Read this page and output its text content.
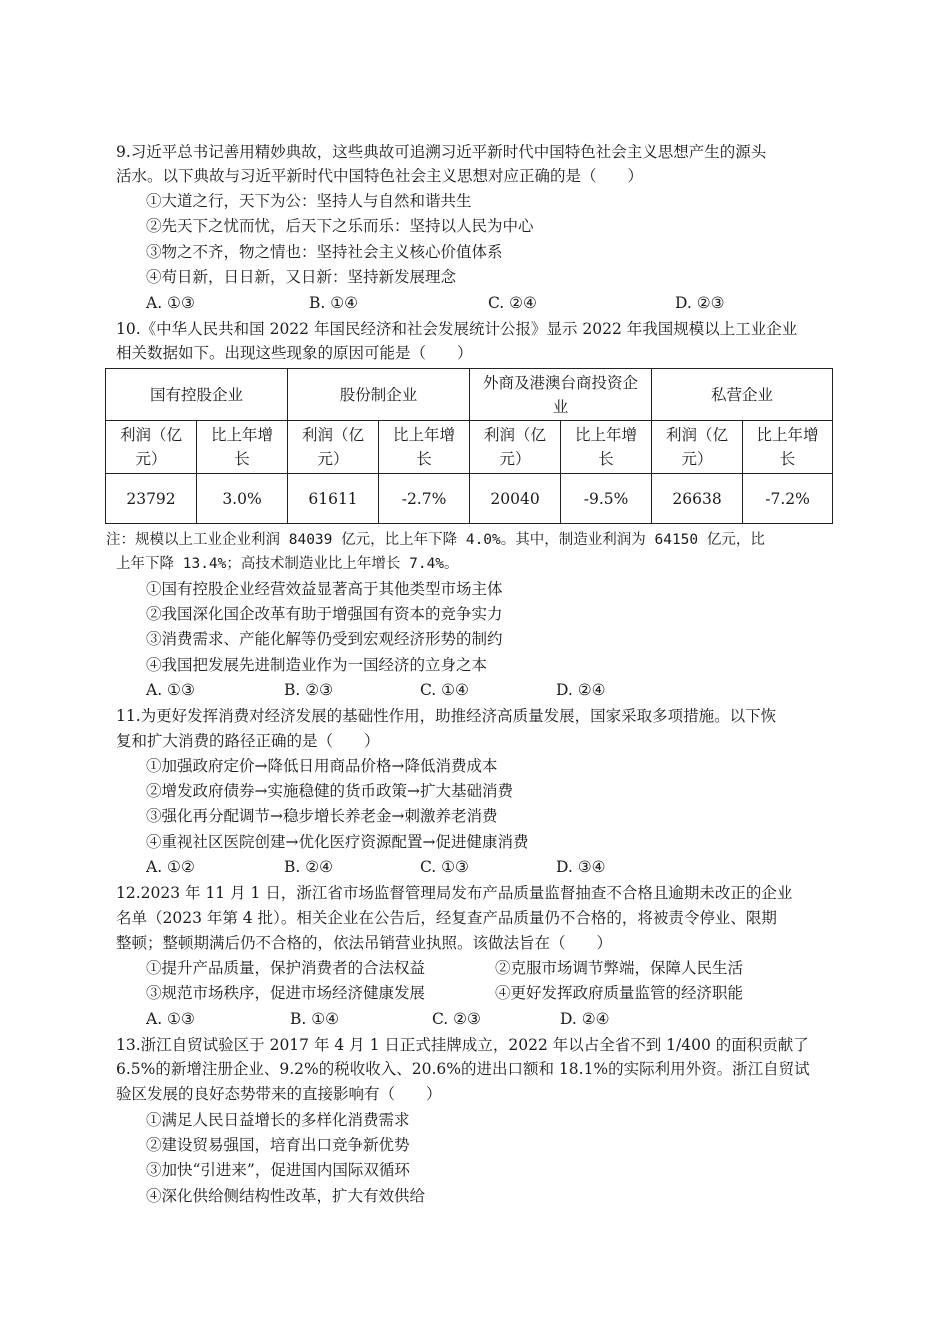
9.习近平总书记善用精妙典故，这些典故可追溯习近平新时代中国特色社会主义思想产生的源头
活水。以下典故与习近平新时代中国特色社会主义思想对应正确的是（　　）
①大道之行，天下为公：坚持人与自然和谐共生
②先天下之忧而忧，后天下之乐而乐：坚持以人民为中心
③物之不齐，物之情也：坚持社会主义核心价值体系
④苟日新，日日新，又日新：坚持新发展理念
A. ①③	B. ①④	C. ②④	D. ②③
10.《中华人民共和国 2022 年国民经济和社会发展统计公报》显示 2022 年我国规模以上工业企业
相关数据如下。出现这些现象的原因可能是（　　）
国有控股企业		股份制企业		外商及港澳台商投资企业		私营企业	
利润（亿元）	比上年增长	利润（亿元）	比上年增长	利润（亿元）	比上年增长	利润（亿元）	比上年增长
23792	3.0%	61611	-2.7%	20040	-9.5%	26638	-7.2%
注：规模以上工业企业利润 84039 亿元，比上年下降 4.0%。其中，制造业利润为 64150 亿元，比
上年下降 13.4%；高技术制造业比上年增长 7.4%。
①国有控股企业经营效益显著高于其他类型市场主体
②我国深化国企改革有助于增强国有资本的竞争实力
③消费需求、产能化解等仍受到宏观经济形势的制约
④我国把发展先进制造业作为一国经济的立身之本
A. ①③	B. ②③	C. ①④	D. ②④
11.为更好发挥消费对经济发展的基础性作用，助推经济高质量发展，国家采取多项措施。以下恢
复和扩大消费的路径正确的是（　　）
①加强政府定价→降低日用商品价格→降低消费成本
②增发政府债券→实施稳健的货币政策→扩大基础消费
③强化再分配调节→稳步增长养老金→刺激养老消费
④重视社区医院创建→优化医疗资源配置→促进健康消费
A. ①②	B. ②④	C. ①③	D. ③④
12.2023 年 11 月 1 日，浙江省市场监督管理局发布产品质量监督抽查不合格且逾期未改正的企业
名单（2023 年第 4 批）。相关企业在公告后，经复查产品质量仍不合格的，将被责令停业、限期
整顿；整顿期满后仍不合格的，依法吊销营业执照。该做法旨在（　　）
①提升产品质量，保护消费者的合法权益	②克服市场调节弊端，保障人民生活
③规范市场秩序，促进市场经济健康发展	④更好发挥政府质量监管的经济职能
A. ①③	B. ①④	C. ②③	D. ②④
13.浙江自贸试验区于 2017 年 4 月 1 日正式挂牌成立，2022 年以占全省不到 1/400 的面积贡献了
6.5%的新增注册企业、9.2%的税收收入、20.6%的进出口额和 18.1%的实际利用外资。浙江自贸试
验区发展的良好态势带来的直接影响有（　　）
①满足人民日益增长的多样化消费需求
②建设贸易强国，培育出口竞争新优势
③加快“引进来”，促进国内国际双循环
④深化供给侧结构性改革，扩大有效供给
